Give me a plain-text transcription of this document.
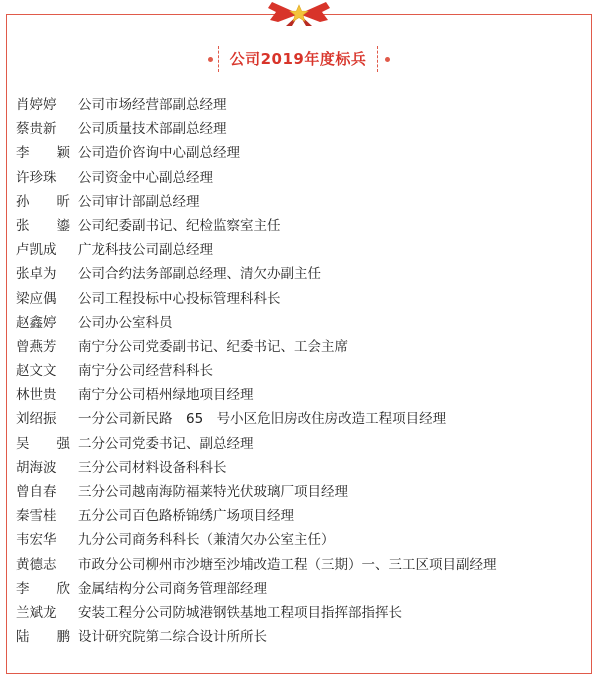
公司2019年度标兵
肖婷婷	公司市场经营部副总经理
蔡贵新	公司质量技术部副总经理
李　　颖 公司造价咨询中心副总经理
许珍珠	公司资金中心副总经理
孙　　昕 公司审计部副总经理
张　　鎏 公司纪委副书记、纪检监察室主任
卢凯成	广龙科技公司副总经理
张卓为	公司合约法务部副总经理、清欠办副主任
梁应偶	公司工程投标中心投标管理科科长
赵鑫婷	公司办公室科员
曾燕芳	南宁分公司党委副书记、纪委书记、工会主席
赵文文	南宁分公司经营科科长
林世贵	南宁分公司梧州绿地项目经理
刘绍振	一分公司新民路　65　号小区危旧房改住房改造工程项目经理
吴　　强 二分公司党委书记、副总经理
胡海波	三分公司材料设备科科长
曾自春	三分公司越南海防福莱特光伏玻璃厂项目经理
秦雪桂	五分公司百色路桥锦绣广场项目经理
韦宏华	九分公司商务科科长（兼清欠办公室主任）
黄德志	市政分公司柳州市沙塘至沙埔改造工程（三期）一、三工区项目副经理
李　　欣 金属结构分公司商务管理部经理
兰斌龙	安装工程分公司防城港钢铁基地工程项目指挥部指挥长
陆　　鹏 设计研究院第二综合设计所所长
